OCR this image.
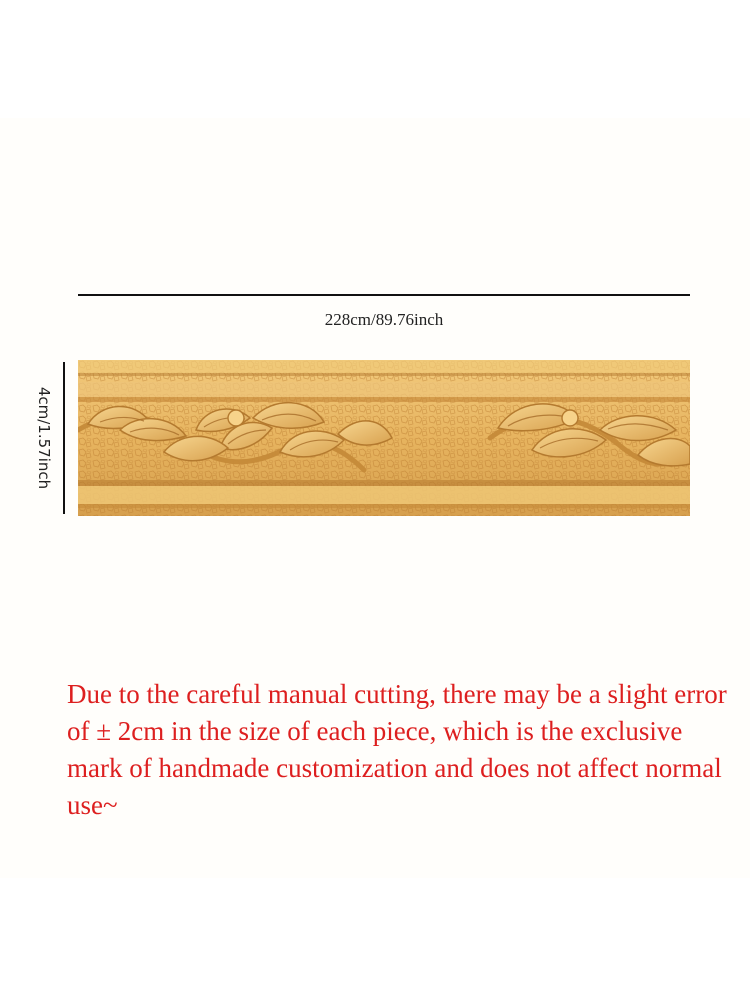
228cm/89.76inch
4cm/1.57inch

Due to the careful manual cutting, there may be a slight error of ± 2cm in the size of each piece, which is the exclusive mark of handmade customization and does not affect normal use~
